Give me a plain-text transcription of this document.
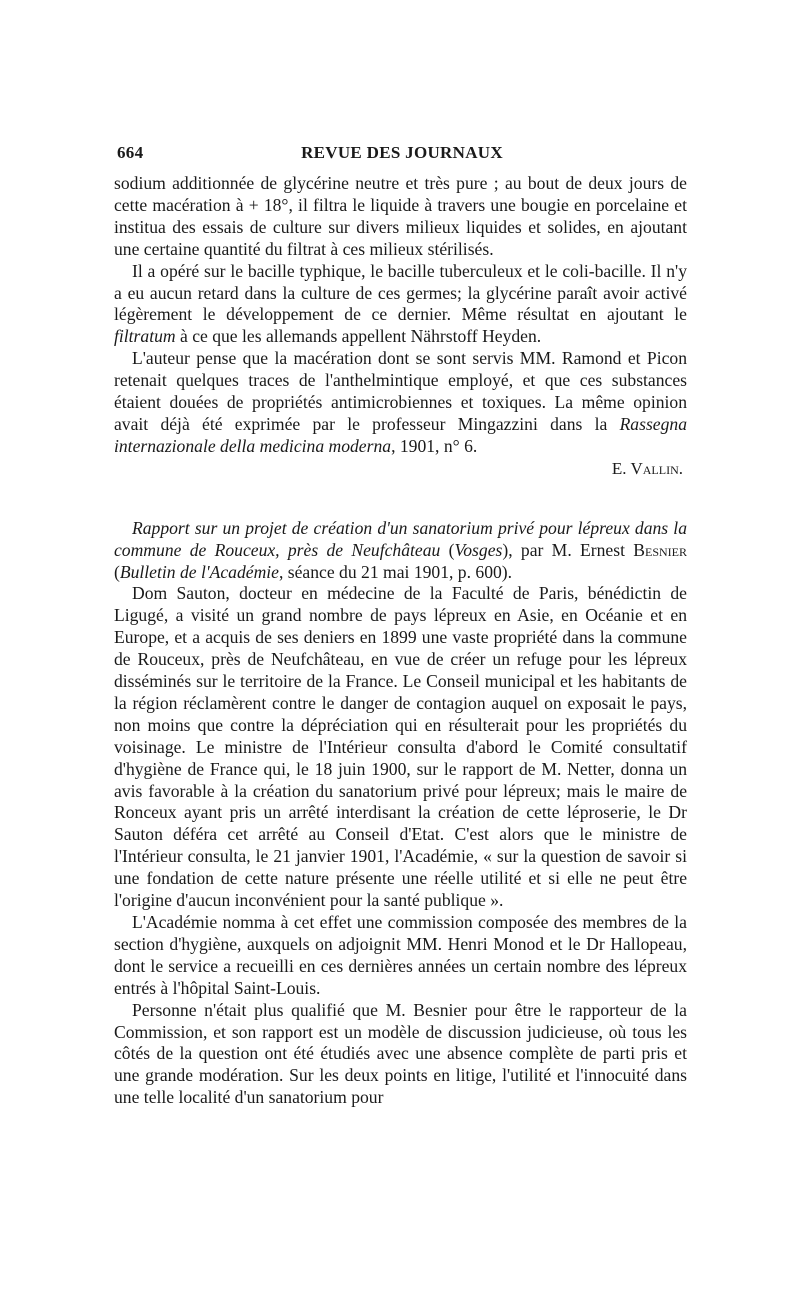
664	REVUE DES JOURNAUX

sodium additionnée de glycérine neutre et très pure ; au bout de deux jours de cette macération à + 18°, il filtra le liquide à travers une bougie en porcelaine et institua des essais de culture sur divers milieux liquides et solides, en ajoutant une certaine quantité du filtrat à ces milieux stérilisés.

Il a opéré sur le bacille typhique, le bacille tuberculeux et le coli-bacille. Il n'y a eu aucun retard dans la culture de ces germes; la glycérine paraît avoir activé légèrement le développement de ce dernier. Même résultat en ajoutant le filtratum à ce que les allemands appellent Nährstoff Heyden.

L'auteur pense que la macération dont se sont servis MM. Ramond et Picon retenait quelques traces de l'anthelmintique employé, et que ces substances étaient douées de propriétés antimicrobiennes et toxiques. La même opinion avait déjà été exprimée par le professeur Mingazzini dans la Rassegna internazionale della medicina moderna, 1901, n° 6.

E. Vallin.

Rapport sur un projet de création d'un sanatorium privé pour lépreux dans la commune de Rouceux, près de Neufchâteau (Vosges), par M. Ernest Besnier (Bulletin de l'Académie, séance du 21 mai 1901, p. 600).

Dom Sauton, docteur en médecine de la Faculté de Paris, bénédictin de Ligugé, a visité un grand nombre de pays lépreux en Asie, en Océanie et en Europe, et a acquis de ses deniers en 1899 une vaste propriété dans la commune de Rouceux, près de Neufchâteau, en vue de créer un refuge pour les lépreux disséminés sur le territoire de la France. Le Conseil municipal et les habitants de la région réclamèrent contre le danger de contagion auquel on exposait le pays, non moins que contre la dépréciation qui en résulterait pour les propriétés du voisinage. Le ministre de l'Intérieur consulta d'abord le Comité consultatif d'hygiène de France qui, le 18 juin 1900, sur le rapport de M. Netter, donna un avis favorable à la création du sanatorium privé pour lépreux; mais le maire de Ronceux ayant pris un arrêté interdisant la création de cette léproserie, le Dr Sauton déféra cet arrêté au Conseil d'Etat. C'est alors que le ministre de l'Intérieur consulta, le 21 janvier 1901, l'Académie, « sur la question de savoir si une fondation de cette nature présente une réelle utilité et si elle ne peut être l'origine d'aucun inconvénient pour la santé publique ».

L'Académie nomma à cet effet une commission composée des membres de la section d'hygiène, auxquels on adjoignit MM. Henri Monod et le Dr Hallopeau, dont le service a recueilli en ces dernières années un certain nombre des lépreux entrés à l'hôpital Saint-Louis.

Personne n'était plus qualifié que M. Besnier pour être le rapporteur de la Commission, et son rapport est un modèle de discussion judicieuse, où tous les côtés de la question ont été étudiés avec une absence complète de parti pris et une grande modération. Sur les deux points en litige, l'utilité et l'innocuité dans une telle localité d'un sanatorium pour
